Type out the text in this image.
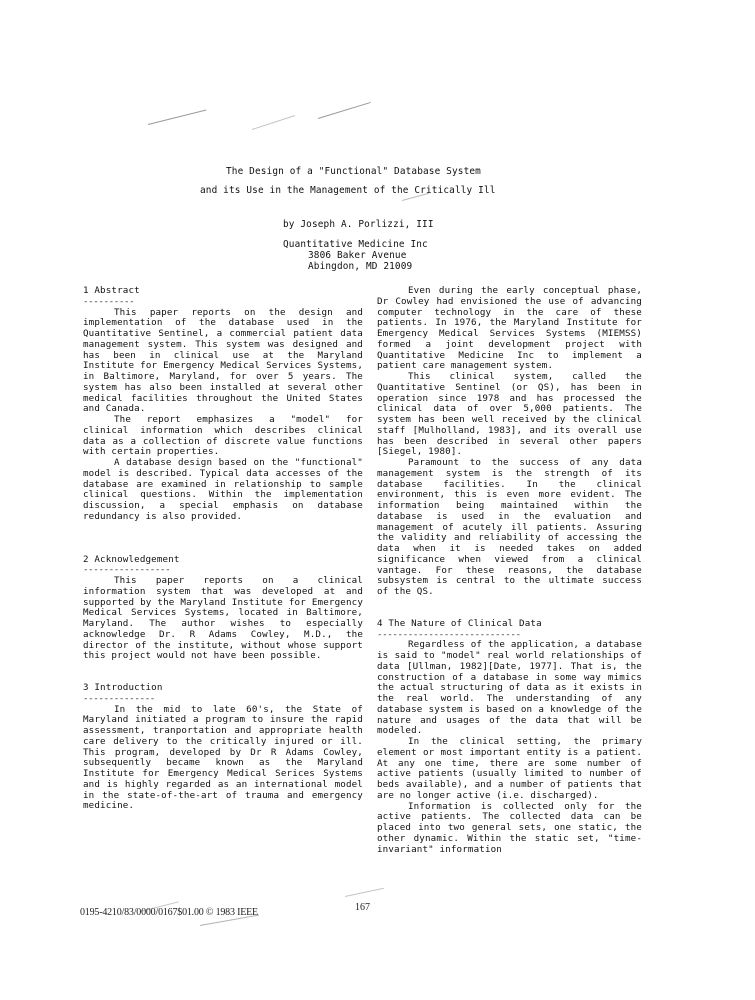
The Design of a "Functional" Database System
and its Use in the Management of the Critically Ill
by Joseph A. Porlizzi, III
Quantitative Medicine Inc
3806 Baker Avenue
Abingdon, MD 21009
1 Abstract
----------

This paper reports on the design and implementation of the database used in the Quantitative Sentinel, a commercial patient data management system. This system was designed and has been in clinical use at the Maryland Institute for Emergency Medical Services Systems, in Baltimore, Maryland, for over 5 years. The system has also been installed at several other medical facilities throughout the United States and Canada.

The report emphasizes a "model" for clinical information which describes clinical data as a collection of discrete value functions with certain properties.

A database design based on the "functional" model is described. Typical data accesses of the database are examined in relationship to sample clinical questions. Within the implementation discussion, a special emphasis on database redundancy is also provided.

2 Acknowledgement
-----------------

This paper reports on a clinical information system that was developed at and supported by the Maryland Institute for Emergency Medical Services Systems, located in Baltimore, Maryland. The author wishes to especially acknowledge Dr. R Adams Cowley, M.D., the director of the institute, without whose support this project would not have been possible.

3 Introduction
--------------

In the mid to late 60's, the State of Maryland initiated a program to insure the rapid assessment, tranportation and appropriate health care delivery to the critically injured or ill. This program, developed by Dr R Adams Cowley, subsequently became known as the Maryland Institute for Emergency Medical Serices Systems and is highly regarded as an international model in the state-of-the-art of trauma and emergency medicine.

Even during the early conceptual phase, Dr Cowley had envisioned the use of advancing computer technology in the care of these patients. In 1976, the Maryland Institute for Emergency Medical Services Systems (MIEMSS) formed a joint development project with Quantitative Medicine Inc to implement a patient care management system.

This clinical system, called the Quantitative Sentinel (or QS), has been in operation since 1978 and has processed the clinical data of over 5,000 patients. The system has been well received by the clinical staff [Mulholland, 1983], and its overall use has been described in several other papers [Siegel, 1980].

Paramount to the success of any data management system is the strength of its database facilities. In the clinical environment, this is even more evident. The information being maintained within the database is used in the evaluation and management of acutely ill patients. Assuring the validity and reliability of accessing the data when it is needed takes on added significance when viewed from a clinical vantage. For these reasons, the database subsystem is central to the ultimate success of the QS.

4 The Nature of Clinical Data
----------------------------

Regardless of the application, a database is said to "model" real world relationships of data [Ullman, 1982][Date, 1977]. That is, the construction of a database in some way mimics the actual structuring of data as it exists in the real world. The understanding of any database system is based on a knowledge of the nature and usages of the data that will be modeled.

In the clinical setting, the primary element or most important entity is a patient. At any one time, there are some number of active patients (usually limited to number of beds available), and a number of patients that are no longer active (i.e. discharged).

Information is collected only for the active patients. The collected data can be placed into two general sets, one static, the other dynamic. Within the static set, "time-invariant" information

167
0195-4210/83/0000/0167$01.00 © 1983 IEEE
